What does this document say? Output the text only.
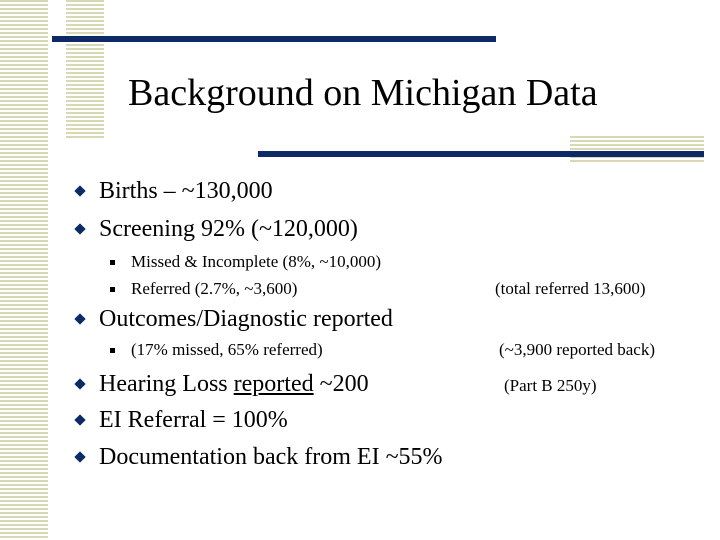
Background on Michigan Data
Births – ~130,000
Screening 92% (~120,000)
Missed & Incomplete (8%, ~10,000)
Referred (2.7%, ~3,600)	(total referred 13,600)
Outcomes/Diagnostic reported
(17% missed, 65% referred)	(~3,900 reported back)
Hearing Loss reported ~200	(Part B 250y)
EI Referral = 100%
Documentation back from EI ~55%
